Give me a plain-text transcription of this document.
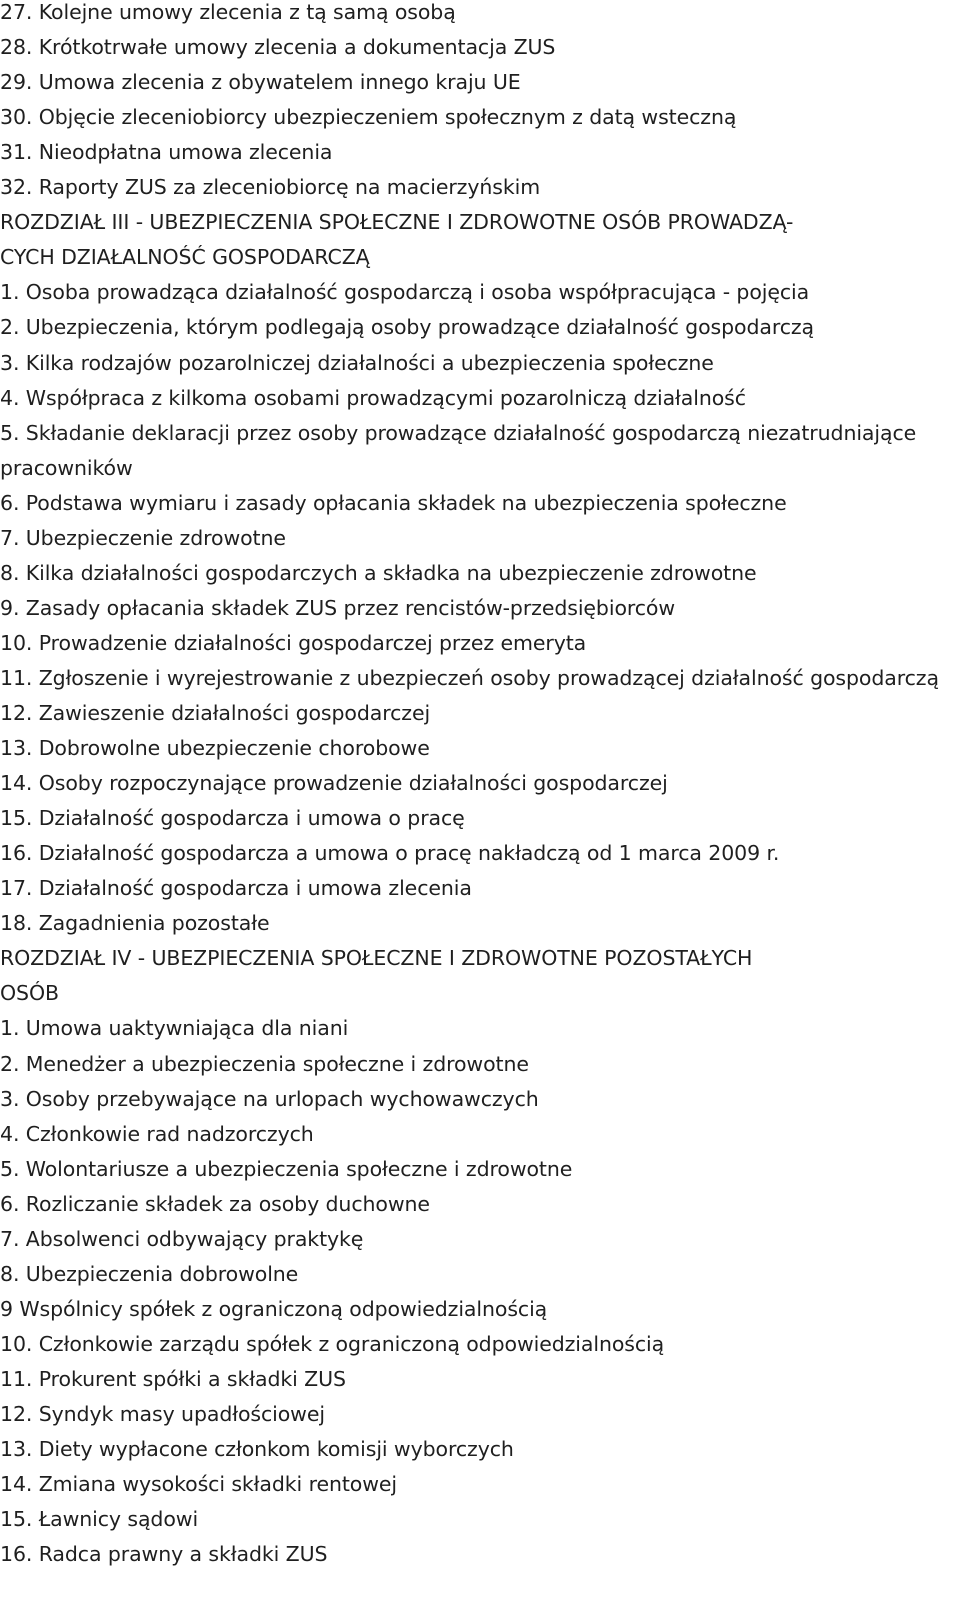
27. Kolejne umowy zlecenia z tą samą osobą
28. Krótkotrwałe umowy zlecenia a dokumentacja ZUS
29. Umowa zlecenia z obywatelem innego kraju UE
30. Objęcie zleceniobiorcy ubezpieczeniem społecznym z datą wsteczną
31. Nieodpłatna umowa zlecenia
32. Raporty ZUS za zleceniobiorcę na macierzyńskim
ROZDZIAŁ III - UBEZPIECZENIA SPOŁECZNE I ZDROWOTNE OSÓB PROWADZĄ-
CYCH DZIAŁALNOŚĆ GOSPODARCZĄ
1. Osoba prowadząca działalność gospodarczą i osoba współpracująca - pojęcia
2. Ubezpieczenia, którym podlegają osoby prowadzące działalność gospodarczą
3. Kilka rodzajów pozarolniczej działalności a ubezpieczenia społeczne
4. Współpraca z kilkoma osobami prowadzącymi pozarolniczą działalność
5. Składanie deklaracji przez osoby prowadzące działalność gospodarczą niezatrudniające
pracowników
6. Podstawa wymiaru i zasady opłacania składek na ubezpieczenia społeczne
7. Ubezpieczenie zdrowotne
8. Kilka działalności gospodarczych a składka na ubezpieczenie zdrowotne
9. Zasady opłacania składek ZUS przez rencistów-przedsiębiorców
10. Prowadzenie działalności gospodarczej przez emeryta
11. Zgłoszenie i wyrejestrowanie z ubezpieczeń osoby prowadzącej działalność gospodarczą
12. Zawieszenie działalności gospodarczej
13. Dobrowolne ubezpieczenie chorobowe
14. Osoby rozpoczynające prowadzenie działalności gospodarczej
15. Działalność gospodarcza i umowa o pracę
16. Działalność gospodarcza a umowa o pracę nakładczą od 1 marca 2009 r.
17. Działalność gospodarcza i umowa zlecenia
18. Zagadnienia pozostałe
ROZDZIAŁ IV - UBEZPIECZENIA SPOŁECZNE I ZDROWOTNE POZOSTAŁYCH
OSÓB
1. Umowa uaktywniająca dla niani
2. Menedżer a ubezpieczenia społeczne i zdrowotne
3. Osoby przebywające na urlopach wychowawczych
4. Członkowie rad nadzorczych
5. Wolontariusze a ubezpieczenia społeczne i zdrowotne
6. Rozliczanie składek za osoby duchowne
7. Absolwenci odbywający praktykę
8. Ubezpieczenia dobrowolne
9 Wspólnicy spółek z ograniczoną odpowiedzialnością
10. Członkowie zarządu spółek z ograniczoną odpowiedzialnością
11. Prokurent spółki a składki ZUS
12. Syndyk masy upadłościowej
13. Diety wypłacone członkom komisji wyborczych
14. Zmiana wysokości składki rentowej
15. Ławnicy sądowi
16. Radca prawny a składki ZUS
